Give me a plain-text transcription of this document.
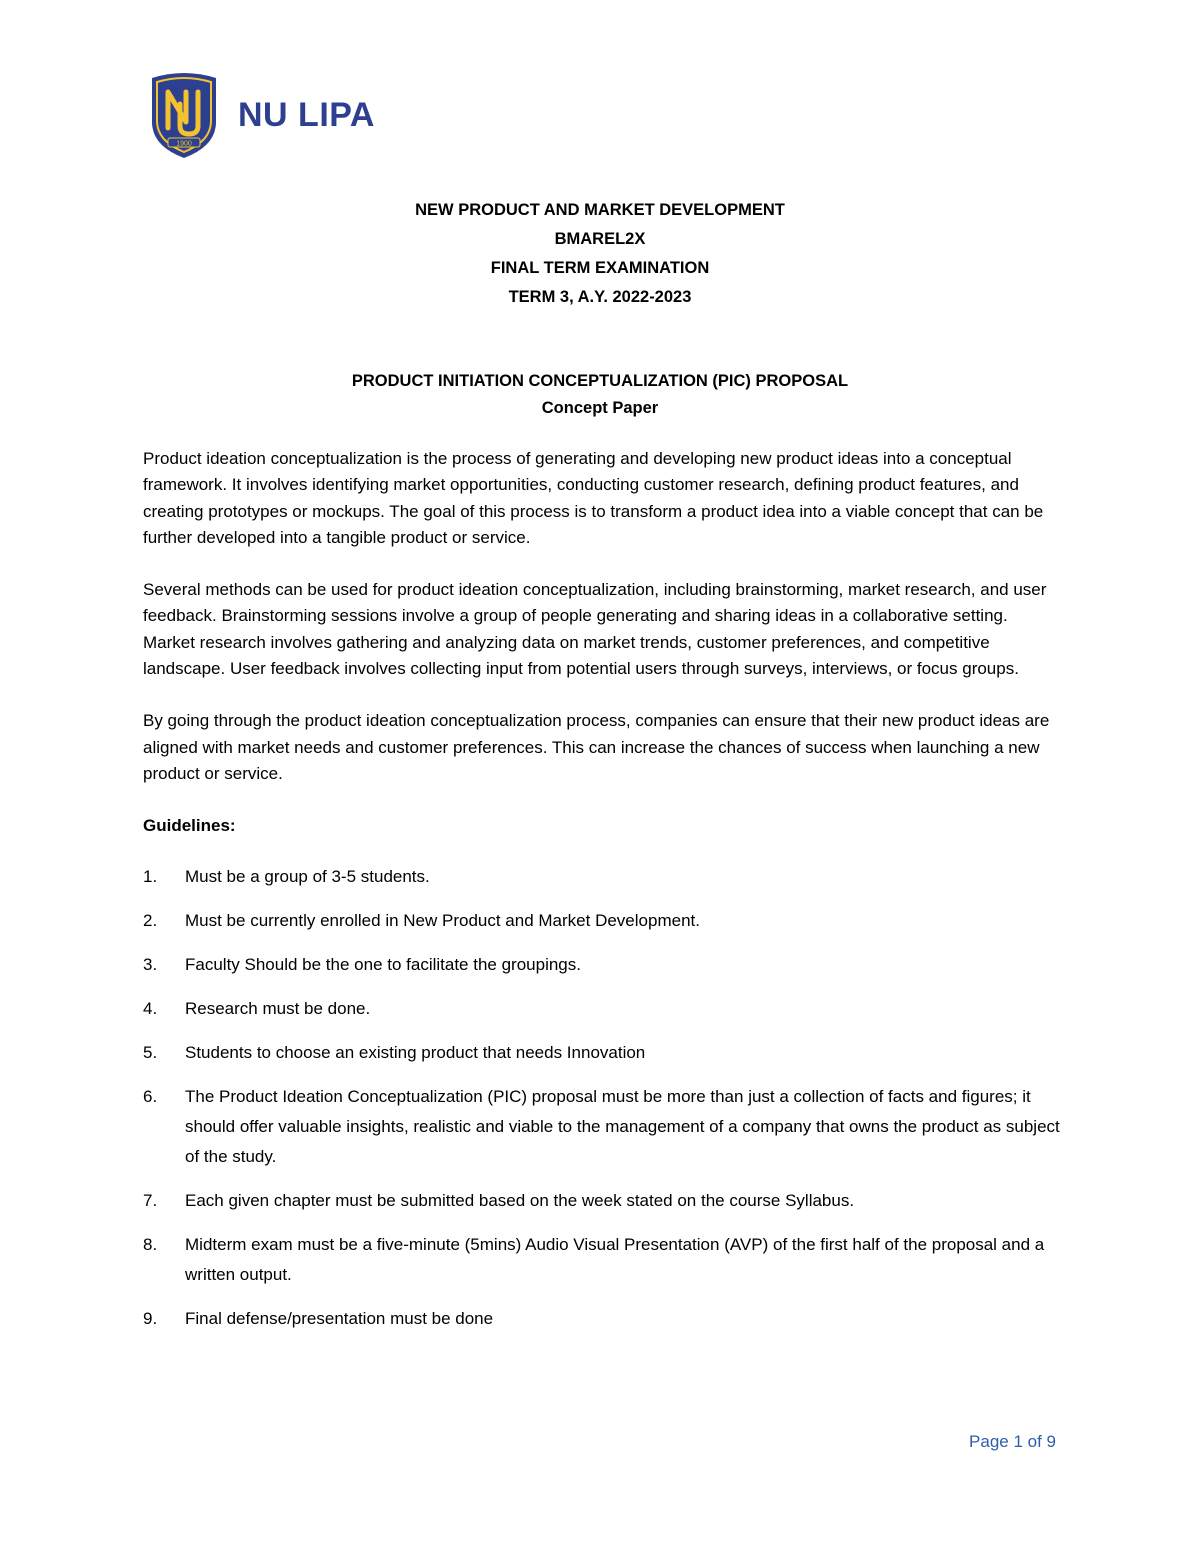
1900
NU LIPA
NEW PRODUCT AND MARKET DEVELOPMENT
BMAREL2X
FINAL TERM EXAMINATION
TERM 3, A.Y. 2022-2023
PRODUCT INITIATION CONCEPTUALIZATION (PIC) PROPOSAL
Concept Paper

Product ideation conceptualization is the process of generating and developing new product ideas into a conceptual framework. It involves identifying market opportunities, conducting customer research, defining product features, and creating prototypes or mockups. The goal of this process is to transform a product idea into a viable concept that can be further developed into a tangible product or service.

Several methods can be used for product ideation conceptualization, including brainstorming, market research, and user feedback. Brainstorming sessions involve a group of people generating and sharing ideas in a collaborative setting. Market research involves gathering and analyzing data on market trends, customer preferences, and competitive landscape. User feedback involves collecting input from potential users through surveys, interviews, or focus groups.

By going through the product ideation conceptualization process, companies can ensure that their new product ideas are aligned with market needs and customer preferences. This can increase the chances of success when launching a new product or service.

Guidelines:
1.	Must be a group of 3-5 students.
2.	Must be currently enrolled in New Product and Market Development.
3.	Faculty Should be the one to facilitate the groupings.
4.	Research must be done.
5.	Students to choose an existing product that needs Innovation
6.	The Product Ideation Conceptualization (PIC) proposal must be more than just a collection of facts and figures; it should offer valuable insights, realistic and viable to the management of a company that owns the product as subject of the study.
7.	Each given chapter must be submitted based on the week stated on the course Syllabus.
8.	Midterm exam must be a five-minute (5mins) Audio Visual Presentation (AVP) of the first half of the proposal and a written output.
9.	Final defense/presentation must be done
Page 1 of 9
